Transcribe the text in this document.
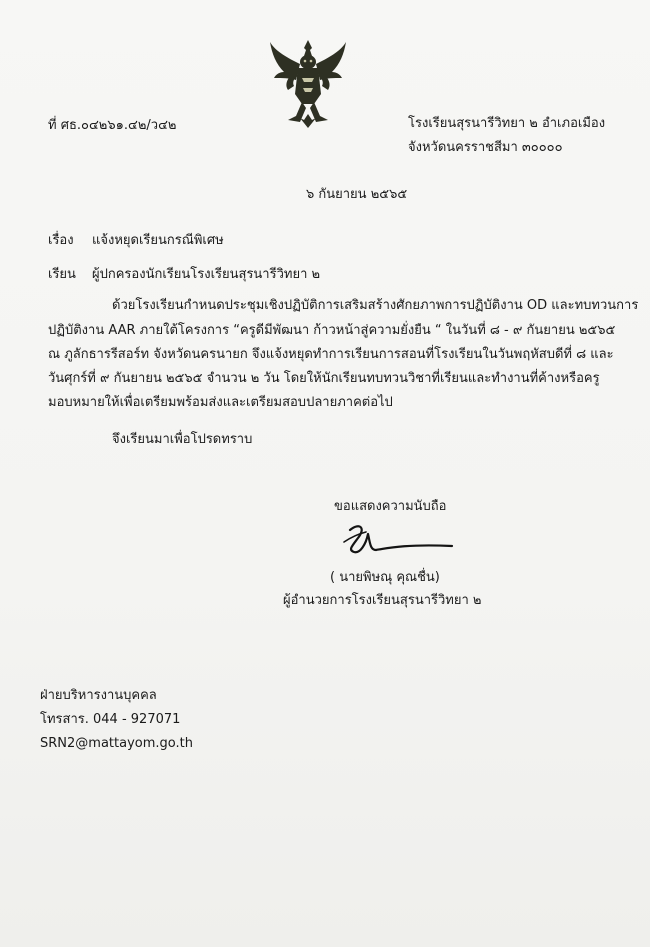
ที่ ศธ.๐๔๒๖๑.๔๒/ว๔๒	โรงเรียนสุรนารีวิทยา ๒ อำเภอเมือง

จังหวัดนครราชสีมา ๓๐๐๐๐

๖ กันยายน ๒๕๖๕

เรื่อง แจ้งหยุดเรียนกรณีพิเศษ

เรียน ผู้ปกครองนักเรียนโรงเรียนสุรนารีวิทยา ๒

ด้วยโรงเรียนกำหนดประชุมเชิงปฏิบัติการเสริมสร้างศักยภาพการปฏิบัติงาน OD และทบทวนการ

ปฏิบัติงาน AAR ภายใต้โครงการ “ครูดีมีพัฒนา ก้าวหน้าสู่ความยั่งยืน “ ในวันที่ ๘ - ๙ กันยายน ๒๕๖๕

ณ ภูลักธารรีสอร์ท จังหวัดนครนายก จึงแจ้งหยุดทำการเรียนการสอนที่โรงเรียนในวันพฤหัสบดีที่ ๘ และ

วันศุกร์ที่ ๙ กันยายน ๒๕๖๕ จำนวน ๒ วัน โดยให้นักเรียนทบทวนวิชาที่เรียนและทำงานที่ค้างหรือครู

มอบหมายให้เพื่อเตรียมพร้อมส่งและเตรียมสอบปลายภาคต่อไป

จึงเรียนมาเพื่อโปรดทราบ

ขอแสดงความนับถือ

( นายพิษณุ คุณชื่น)

ผู้อำนวยการโรงเรียนสุรนารีวิทยา ๒

ฝ่ายบริหารงานบุคคล

โทรสาร. 044 - 927071

SRN2@mattayom.go.th
